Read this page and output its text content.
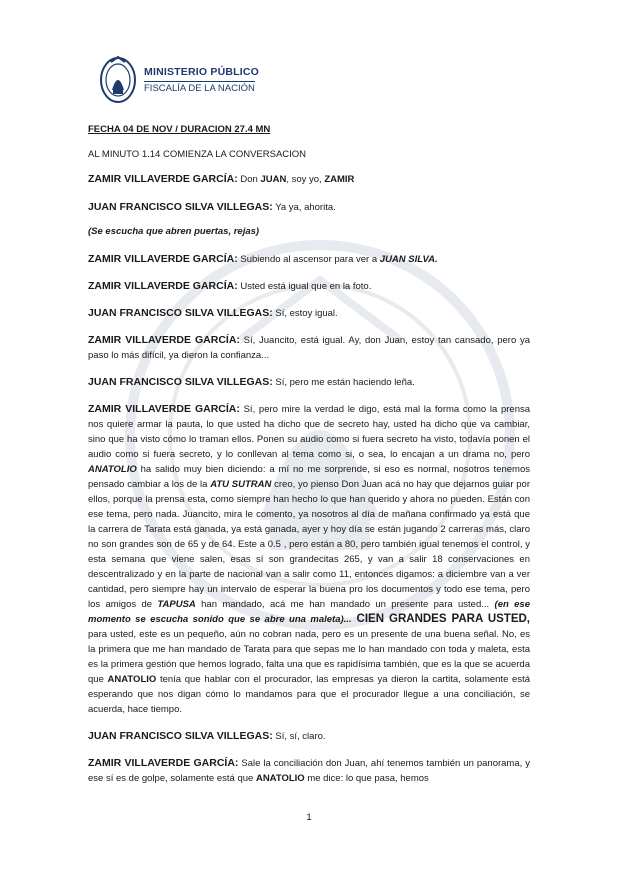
MINISTERIO PÚBLICO
FISCALÍA DE LA NACIÓN
FECHA 04 DE NOV / DURACION 27.4 MN
AL MINUTO 1.14 COMIENZA LA CONVERSACION

ZAMIR VILLAVERDE GARCÍA: Don JUAN, soy yo, ZAMIR

JUAN FRANCISCO SILVA VILLEGAS: Ya ya, ahorita.

(Se escucha que abren puertas, rejas)

ZAMIR VILLAVERDE GARCÍA: Subiendo al ascensor para ver a JUAN SILVA.

ZAMIR VILLAVERDE GARCÍA: Usted está igual que en la foto.

JUAN FRANCISCO SILVA VILLEGAS: Sí, estoy igual.

ZAMIR VILLAVERDE GARCÍA: Sí, Juancito, está igual. Ay, don Juan, estoy tan cansado, pero ya paso lo más difícil, ya dieron la confianza...

JUAN FRANCISCO SILVA VILLEGAS: Sí, pero me están haciendo leña.

ZAMIR VILLAVERDE GARCÍA: Sí, pero mire la verdad le digo, está mal la forma como la prensa nos quiere armar la pauta, lo que usted ha dicho que de secreto hay, usted ha dicho que va cambiar, sino que ha visto cómo lo traman ellos. Ponen su audio como si fuera secreto ha visto, todavía ponen el audio como si fuera secreto, y lo conllevan al tema como si, o sea, lo encajan a un drama no, pero ANATOLIO ha salido muy bien diciendo: a mí no me sorprende, si eso es normal, nosotros tenemos pensado cambiar a los de la ATU SUTRAN creo, yo pienso Don Juan acá no hay que dejarnos guiar por ellos, porque la prensa esta, como siempre han hecho lo que han querido y ahora no pueden. Están con ese tema, pero nada. Juancito, mira le comento, ya nosotros al día de mañana confirmado ya está que la carrera de Tarata está ganada, ya está ganada, ayer y hoy día se están jugando 2 carreras más, claro no son grandes son de 65 y de 64. Este a 0.5 , pero están a 80, pero también igual tenemos el control, y esta semana que viene salen, esas sí son grandecitas 265, y van a salir 18 conservaciones en descentralizado y en la parte de nacional van a salir como 11, entonces digamos: a diciembre van a ver cantidad, pero siempre hay un intervalo de esperar la buena pro los documentos y todo ese tema, pero los amigos de TAPUSA han mandado, acá me han mandado un presente para usted... (en ese momento se escucha sonido que se abre una maleta)... CIEN GRANDES PARA USTED, para usted, este es un pequeño, aún no cobran nada, pero es un presente de una buena señal. No, es la primera que me han mandado de Tarata para que sepas me lo han mandado con toda y maleta, esta es la primera gestión que hemos logrado, falta una que es rapidísima también, que es la que se acuerda que ANATOLIO tenía que hablar con el procurador, las empresas ya dieron la cartita, solamente está esperando que nos digan cómo lo mandamos para que el procurador llegue a una conciliación, se acuerda, hace tiempo.

JUAN FRANCISCO SILVA VILLEGAS: Sí, sí, claro.

ZAMIR VILLAVERDE GARCÍA: Sale la conciliación don Juan, ahí tenemos también un panorama, y ese sí es de golpe, solamente está que ANATOLIO me dice: lo que pasa, hemos

1
